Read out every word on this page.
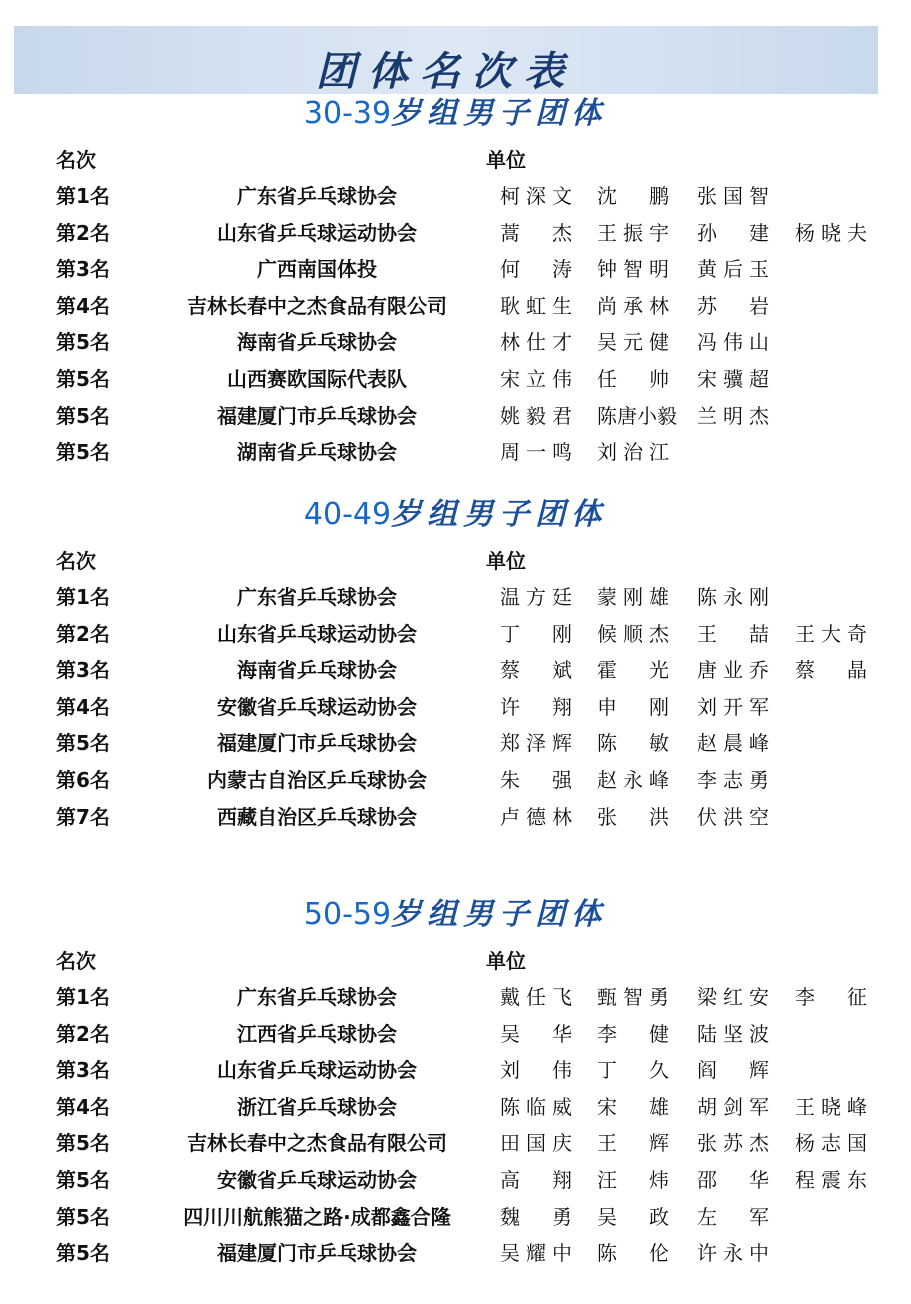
团体名次表
30-39岁组男子团体
名次	单位
第1名	广东省乒乓球协会	柯深文 沈鹏 张国智
第2名	山东省乒乓球运动协会	蒿杰 王振宇 孙建 杨晓夫
第3名	广西南国体投	何涛 钟智明 黄后玉
第4名	吉林长春中之杰食品有限公司	耿虹生 尚承林 苏岩
第5名	海南省乒乓球协会	林仕才 吴元健 冯伟山
第5名	山西赛欧国际代表队	宋立伟 任帅 宋骥超
第5名	福建厦门市乒乓球协会	姚毅君 陈唐小毅 兰明杰
第5名	湖南省乒乓球协会	周一鸣 刘治江
40-49岁组男子团体
名次	单位
第1名	广东省乒乓球协会	温方廷 蒙刚雄 陈永刚
第2名	山东省乒乓球运动协会	丁刚 候顺杰 王喆 王大奇
第3名	海南省乒乓球协会	蔡斌 霍光 唐业乔 蔡晶
第4名	安徽省乒乓球运动协会	许翔 申刚 刘开军
第5名	福建厦门市乒乓球协会	郑泽辉 陈敏 赵晨峰
第6名	内蒙古自治区乒乓球协会	朱强 赵永峰 李志勇
第7名	西藏自治区乒乓球协会	卢德林 张洪 伏洪空
50-59岁组男子团体
名次	单位
第1名	广东省乒乓球协会	戴任飞 甄智勇 梁红安 李征
第2名	江西省乒乓球协会	吴华 李健 陆坚波
第3名	山东省乒乓球运动协会	刘伟 丁久 阎辉
第4名	浙江省乒乓球协会	陈临威 宋雄 胡剑军 王晓峰
第5名	吉林长春中之杰食品有限公司	田国庆 王辉 张苏杰 杨志国
第5名	安徽省乒乓球运动协会	高翔 汪炜 邵华 程震东
第5名	四川川航熊猫之路·成都鑫合隆	魏勇 吴政 左军
第5名	福建厦门市乒乓球协会	吴耀中 陈伦 许永中
